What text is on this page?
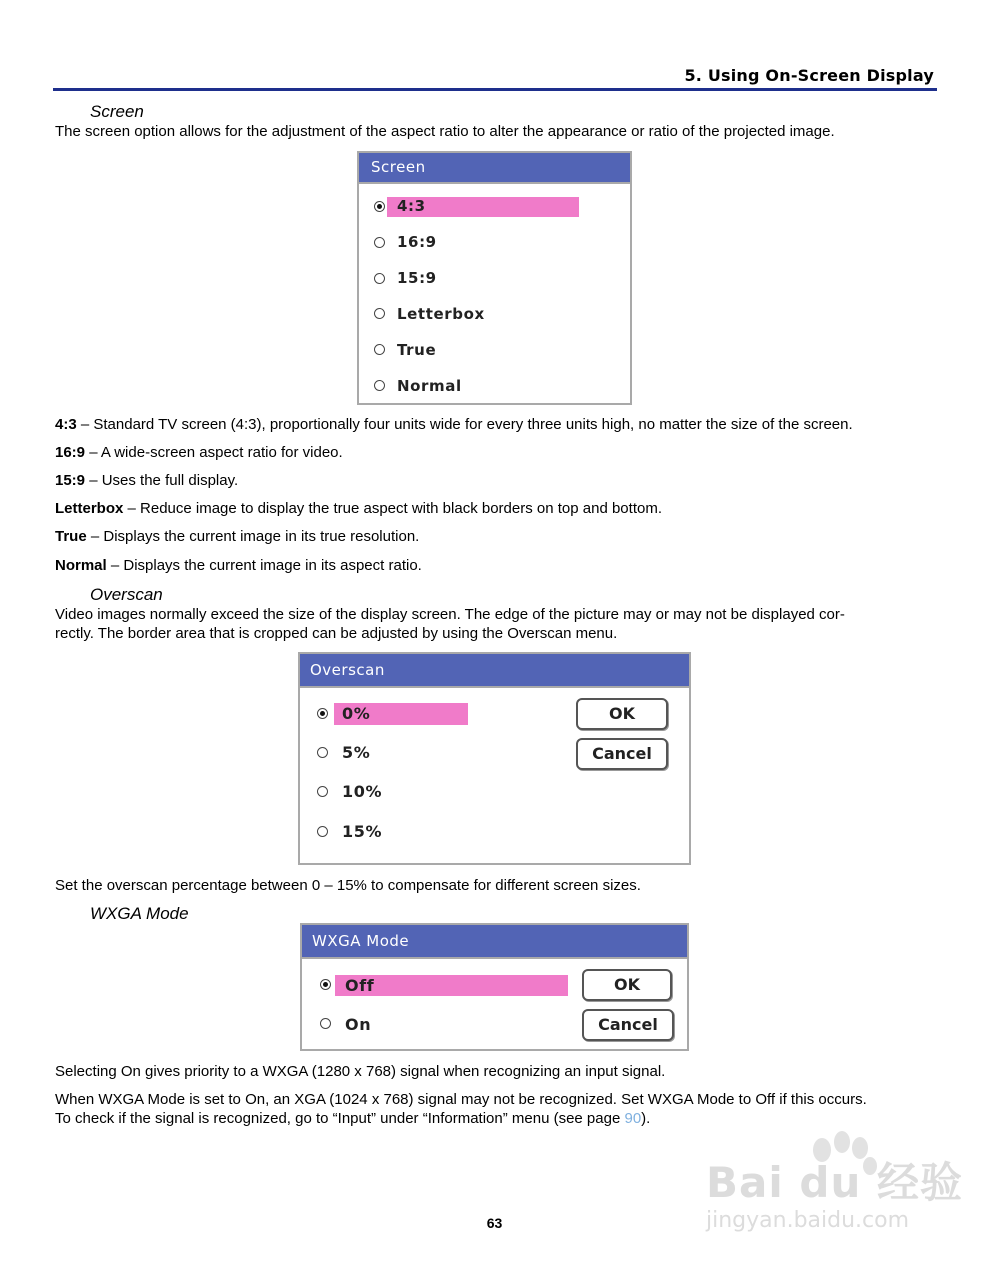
5. Using On-Screen Display
Screen
The screen option allows for the adjustment of the aspect ratio to alter the appearance or ratio of the projected image.
Screen
4:3
16:9
15:9
Letterbox
True
Normal
4:3 – Standard TV screen (4:3), proportionally four units wide for every three units high, no matter the size of the screen.
16:9 – A wide-screen aspect ratio for video.
15:9 – Uses the full display.
Letterbox – Reduce image to display the true aspect with black borders on top and bottom.
True – Displays the current image in its true resolution.
Normal – Displays the current image in its aspect ratio.
Overscan
Video images normally exceed the size of the display screen. The edge of the picture may or may not be displayed cor-
rectly. The border area that is cropped can be adjusted by using the Overscan menu.
Overscan
0%
5%
10%
15%
OK
Cancel
Set the overscan percentage between 0 – 15% to compensate for different screen sizes.
WXGA Mode
WXGA Mode
Off
On
OK
Cancel
Selecting On gives priority to a WXGA (1280 x 768) signal when recognizing an input signal.
When WXGA Mode is set to On, an XGA (1024 x 768) signal may not be recognized. Set WXGA Mode to Off if this occurs.
To check if the signal is recognized, go to “Input” under “Information” menu (see page 90).
Bai du 经验
jingyan.baidu.com
63
